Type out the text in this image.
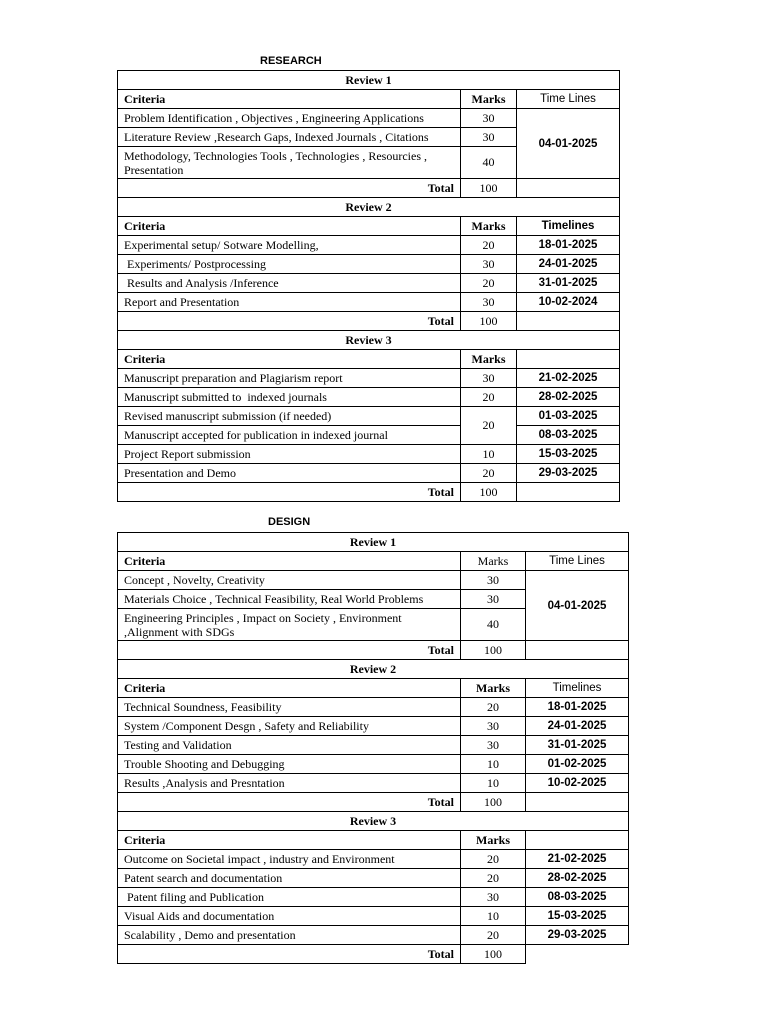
RESEARCH
Review 1		
Criteria	Marks	Time Lines
Problem Identification , Objectives , Engineering Applications	30	04-01-2025
Literature Review ,Research Gaps, Indexed Journals , Citations	30	
Methodology, Technologies Tools , Technologies , Resourcies , Presentation	40	
Total	100	
Review 2		
Criteria	Marks	Timelines
Experimental setup/ Sotware Modelling,	20	18-01-2025
Experiments/ Postprocessing	30	24-01-2025
Results and Analysis /Inference	20	31-01-2025
Report and Presentation	30	10-02-2024
Total	100	
Review 3		
Criteria	Marks	
Manuscript preparation and Plagiarism report	30	21-02-2025
Manuscript submitted to  indexed journals	20	28-02-2025
Revised manuscript submission (if needed)	20	01-03-2025
Manuscript accepted for publication in indexed journal		08-03-2025
Project Report submission	10	15-03-2025
Presentation and Demo	20	29-03-2025
Total	100	
DESIGN
Review 1		
Criteria	Marks	Time Lines
Concept , Novelty, Creativity	30	04-01-2025
Materials Choice , Technical Feasibility, Real World Problems	30	
Engineering Principles , Impact on Society , Environment ,Alignment with SDGs	40	
Total	100	
Review 2		
Criteria	Marks	Timelines
Technical Soundness, Feasibility	20	18-01-2025
System /Component Desgn , Safety and Reliability	30	24-01-2025
Testing and Validation	30	31-01-2025
Trouble Shooting and Debugging	10	01-02-2025
Results ,Analysis and Presntation	10	10-02-2025
Total	100	
Review 3		
Criteria	Marks	
Outcome on Societal impact , industry and Environment	20	21-02-2025
Patent search and documentation	20	28-02-2025
Patent filing and Publication	30	08-03-2025
Visual Aids and documentation	10	15-03-2025
Scalability , Demo and presentation	20	29-03-2025
Total	100	
